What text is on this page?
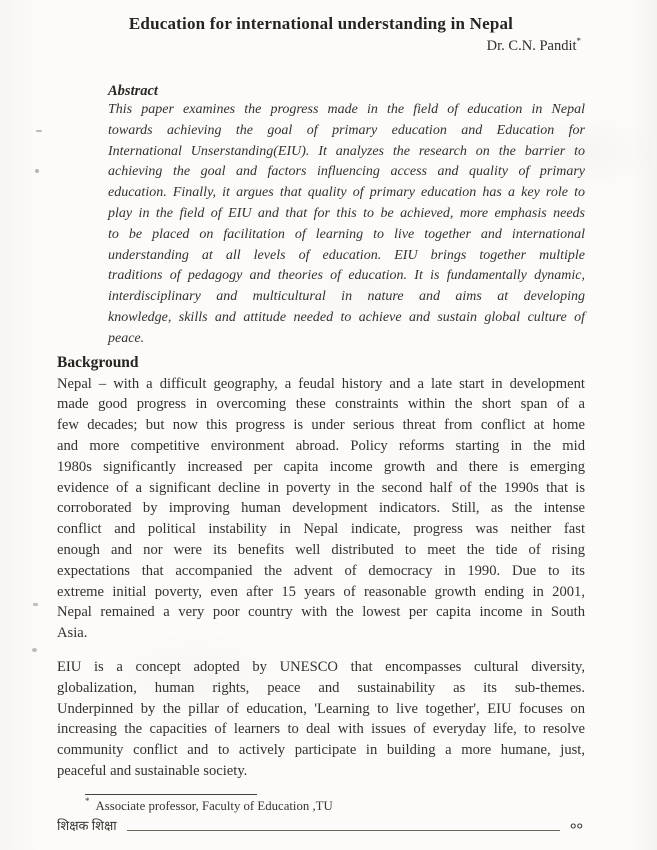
Education for international understanding in Nepal
Dr. C.N. Pandit*
Abstract
This paper examines the progress made in the field of education in Nepal
towards achieving the goal of primary education and Education for
International Unserstanding(EIU). It analyzes the research on the barrier to
achieving the goal and factors influencing access and quality of primary
education. Finally, it argues that quality of primary education has a key role to
play in the field of EIU and that for this to be achieved, more emphasis needs
to be placed on facilitation of learning to live together and international
understanding at all levels of education. EIU brings together multiple
traditions of pedagogy and theories of education. It is fundamentally dynamic,
interdisciplinary and multicultural in nature and aims at developing
knowledge, skills and attitude needed to achieve and sustain global culture of
peace.
Background
Nepal – with a difficult geography, a feudal history and a late start in development
made good progress in overcoming these constraints within the short span of a
few decades; but now this progress is under serious threat from conflict at home
and more competitive environment abroad. Policy reforms starting in the mid
1980s significantly increased per capita income growth and there is emerging
evidence of a significant decline in poverty in the second half of the 1990s that is
corroborated by improving human development indicators. Still, as the intense
conflict and political instability in Nepal indicate, progress was neither fast
enough and nor were its benefits well distributed to meet the tide of rising
expectations that accompanied the advent of democracy in 1990. Due to its
extreme initial poverty, even after 15 years of reasonable growth ending in 2001,
Nepal remained a very poor country with the lowest per capita income in South
Asia.
EIU is a concept adopted by UNESCO that encompasses cultural diversity,
globalization, human rights, peace and sustainability as its sub-themes.
Underpinned by the pillar of education, 'Learning to live together', EIU focuses on
increasing the capacities of learners to deal with issues of everyday life, to resolve
community conflict and to actively participate in building a more humane, just,
peaceful and sustainable society.
* Associate professor, Faculty of Education ,TU
शिक्षक शिक्षा	००
